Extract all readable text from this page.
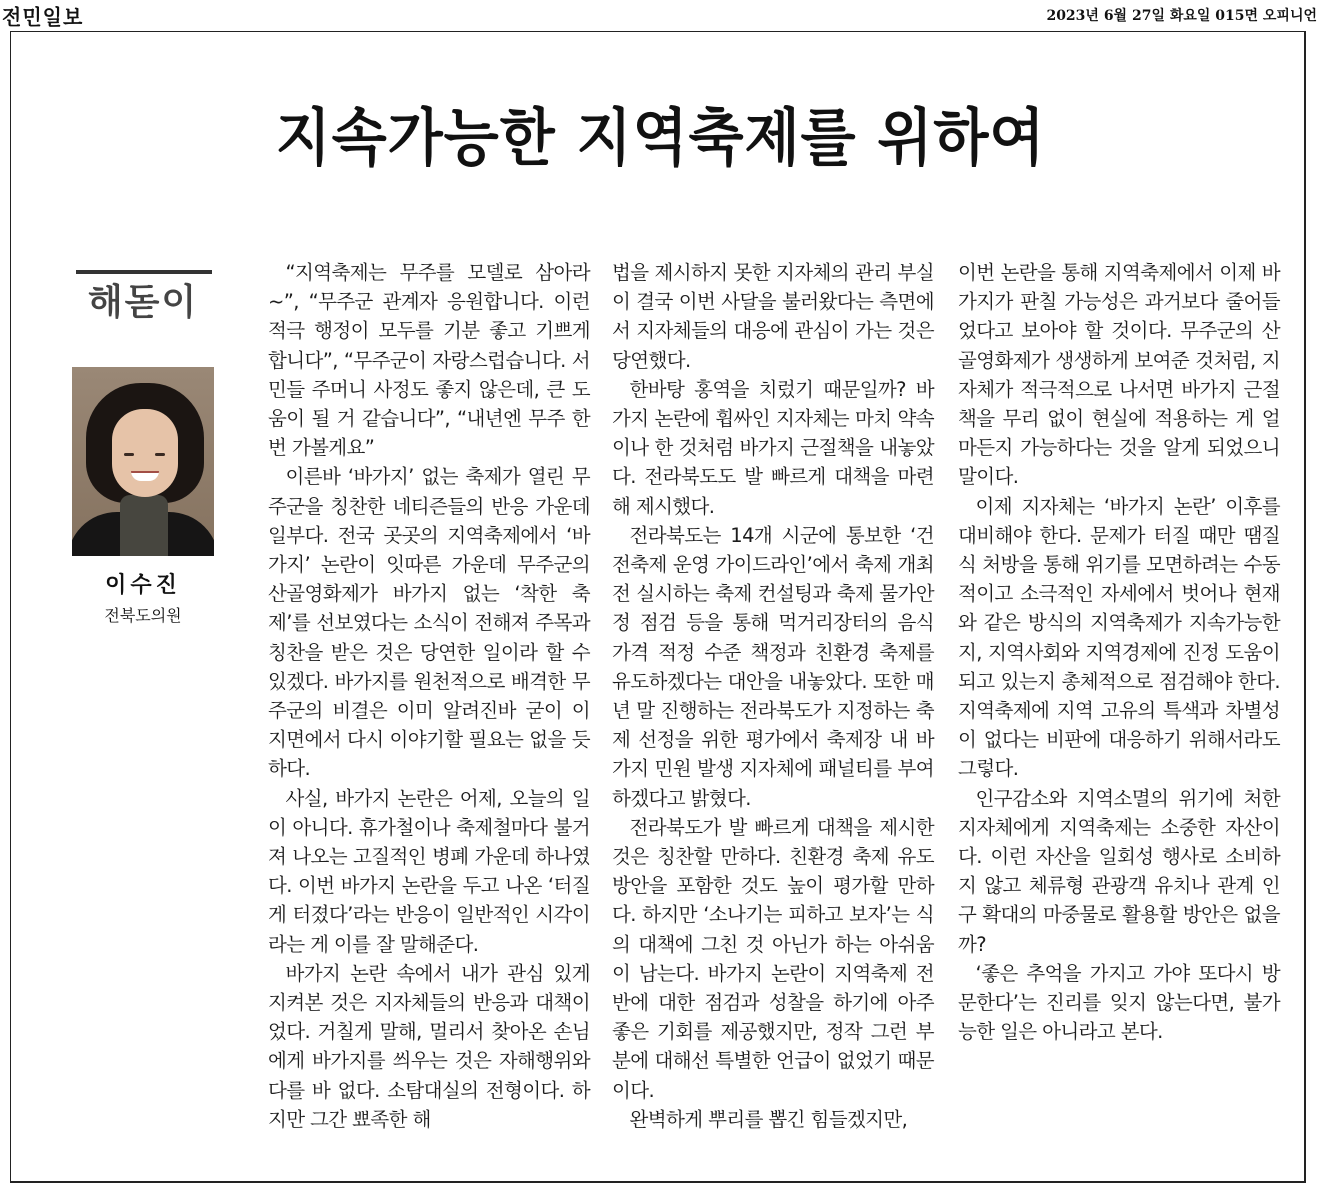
전민일보	2023년 6월 27일 화요일 015면 오피니언
지속가능한 지역축제를 위하여
해돋이
이수진
전북도의원

“지역축제는 무주를 모델로 삼아라~”, “무주군 관계자 응원합니다. 이런 적극 행정이 모두를 기분 좋고 기쁘게 합니다”, “무주군이 자랑스럽습니다. 서민들 주머니 사정도 좋지 않은데, 큰 도움이 될 거 같습니다”, “내년엔 무주 한번 가볼게요”

이른바 ‘바가지’ 없는 축제가 열린 무주군을 칭찬한 네티즌들의 반응 가운데 일부다. 전국 곳곳의 지역축제에서 ‘바가지’ 논란이 잇따른 가운데 무주군의 산골영화제가 바가지 없는 ‘착한 축제’를 선보였다는 소식이 전해져 주목과 칭찬을 받은 것은 당연한 일이라 할 수 있겠다. 바가지를 원천적으로 배격한 무주군의 비결은 이미 알려진바 굳이 이 지면에서 다시 이야기할 필요는 없을 듯하다.

사실, 바가지 논란은 어제, 오늘의 일이 아니다. 휴가철이나 축제철마다 불거져 나오는 고질적인 병폐 가운데 하나였다. 이번 바가지 논란을 두고 나온 ‘터질 게 터졌다’라는 반응이 일반적인 시각이라는 게 이를 잘 말해준다.

바가지 논란 속에서 내가 관심 있게 지켜본 것은 지자체들의 반응과 대책이었다. 거칠게 말해, 멀리서 찾아온 손님에게 바가지를 씌우는 것은 자해행위와 다를 바 없다. 소탐대실의 전형이다. 하지만 그간 뾰족한 해

법을 제시하지 못한 지자체의 관리 부실이 결국 이번 사달을 불러왔다는 측면에서 지자체들의 대응에 관심이 가는 것은 당연했다.

한바탕 홍역을 치렀기 때문일까? 바가지 논란에 휩싸인 지자체는 마치 약속이나 한 것처럼 바가지 근절책을 내놓았다. 전라북도도 발 빠르게 대책을 마련해 제시했다.

전라북도는 14개 시군에 통보한 ‘건전축제 운영 가이드라인’에서 축제 개최 전 실시하는 축제 컨설팅과 축제 물가안정 점검 등을 통해 먹거리장터의 음식 가격 적정 수준 책정과 친환경 축제를 유도하겠다는 대안을 내놓았다. 또한 매년 말 진행하는 전라북도가 지정하는 축제 선정을 위한 평가에서 축제장 내 바가지 민원 발생 지자체에 패널티를 부여하겠다고 밝혔다.

전라북도가 발 빠르게 대책을 제시한 것은 칭찬할 만하다. 친환경 축제 유도 방안을 포함한 것도 높이 평가할 만하다. 하지만 ‘소나기는 피하고 보자’는 식의 대책에 그친 것 아닌가 하는 아쉬움이 남는다. 바가지 논란이 지역축제 전반에 대한 점검과 성찰을 하기에 아주 좋은 기회를 제공했지만, 정작 그런 부분에 대해선 특별한 언급이 없었기 때문이다.

완벽하게 뿌리를 뽑긴 힘들겠지만,

이번 논란을 통해 지역축제에서 이제 바가지가 판칠 가능성은 과거보다 줄어들었다고 보아야 할 것이다. 무주군의 산골영화제가 생생하게 보여준 것처럼, 지자체가 적극적으로 나서면 바가지 근절책을 무리 없이 현실에 적용하는 게 얼마든지 가능하다는 것을 알게 되었으니 말이다.

이제 지자체는 ‘바가지 논란’ 이후를 대비해야 한다. 문제가 터질 때만 땜질식 처방을 통해 위기를 모면하려는 수동적이고 소극적인 자세에서 벗어나 현재와 같은 방식의 지역축제가 지속가능한지, 지역사회와 지역경제에 진정 도움이 되고 있는지 총체적으로 점검해야 한다. 지역축제에 지역 고유의 특색과 차별성이 없다는 비판에 대응하기 위해서라도 그렇다.

인구감소와 지역소멸의 위기에 처한 지자체에게 지역축제는 소중한 자산이다. 이런 자산을 일회성 행사로 소비하지 않고 체류형 관광객 유치나 관계 인구 확대의 마중물로 활용할 방안은 없을까?

‘좋은 추억을 가지고 가야 또다시 방문한다’는 진리를 잊지 않는다면, 불가능한 일은 아니라고 본다.
